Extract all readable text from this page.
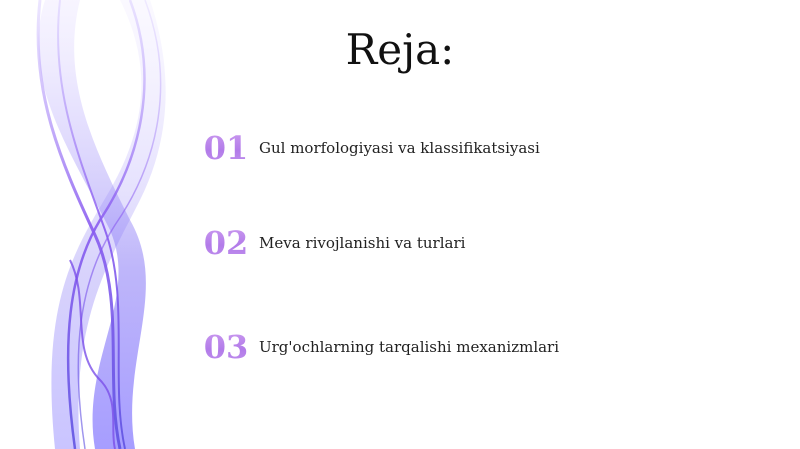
Reja:
01 Gul morfologiyasi va klassifikatsiyasi
02 Meva rivojlanishi va turlari
03 Urg'ochlarning tarqalishi mexanizmlari
